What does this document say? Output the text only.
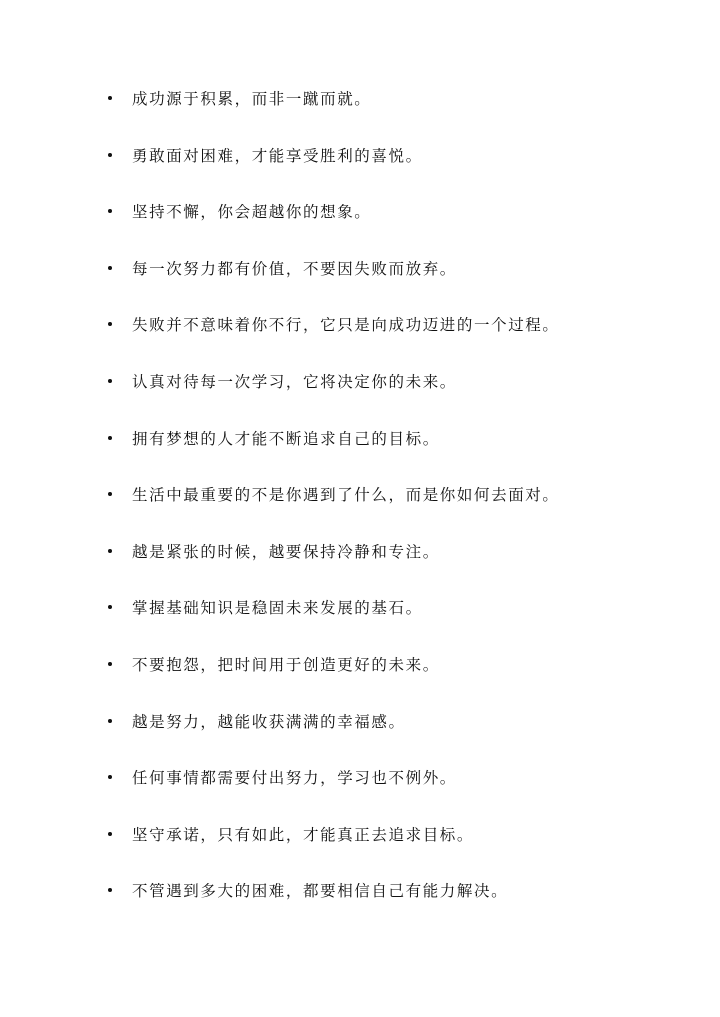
成功源于积累，而非一蹴而就。
勇敢面对困难，才能享受胜利的喜悦。
坚持不懈，你会超越你的想象。
每一次努力都有价值，不要因失败而放弃。
失败并不意味着你不行，它只是向成功迈进的一个过程。
认真对待每一次学习，它将决定你的未来。
拥有梦想的人才能不断追求自己的目标。
生活中最重要的不是你遇到了什么，而是你如何去面对。
越是紧张的时候，越要保持冷静和专注。
掌握基础知识是稳固未来发展的基石。
不要抱怨，把时间用于创造更好的未来。
越是努力，越能收获满满的幸福感。
任何事情都需要付出努力，学习也不例外。
坚守承诺，只有如此，才能真正去追求目标。
不管遇到多大的困难，都要相信自己有能力解决。
